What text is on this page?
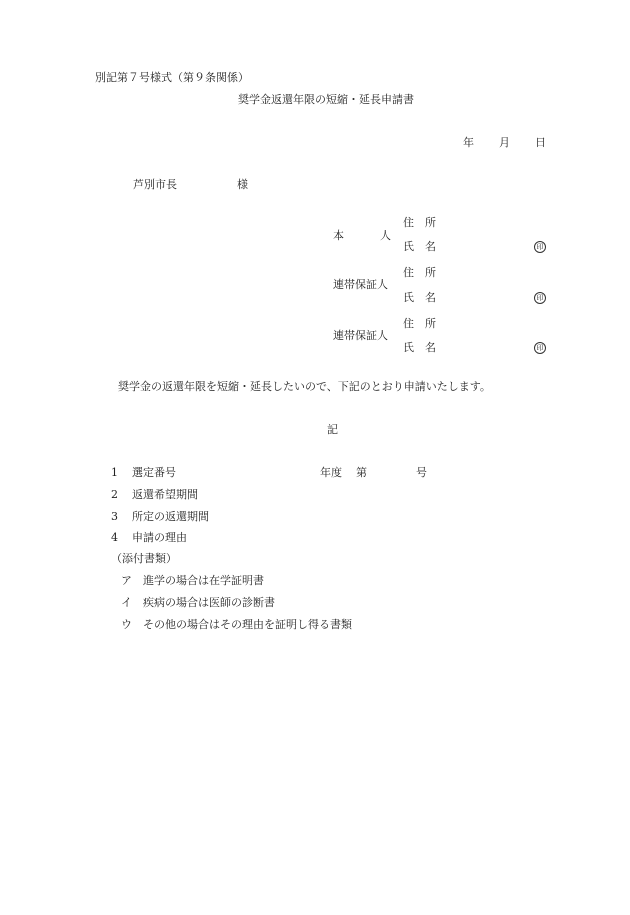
別記第７号様式（第９条関係）
奨学金返還年限の短縮・延長申請書
年 月 日
芦別市長	様
本	人
住　所
氏　名	印
連帯保証人
住　所
氏　名	印
連帯保証人
住　所
氏　名	印
奨学金の返還年限を短縮・延長したいので、下記のとおり申請いたします。
記
1 選定番号	年度 第	号
2 返還希望期間
3 所定の返還期間
4 申請の理由
（添付書類）
ア 進学の場合は在学証明書
イ 疾病の場合は医師の診断書
ウ その他の場合はその理由を証明し得る書類
